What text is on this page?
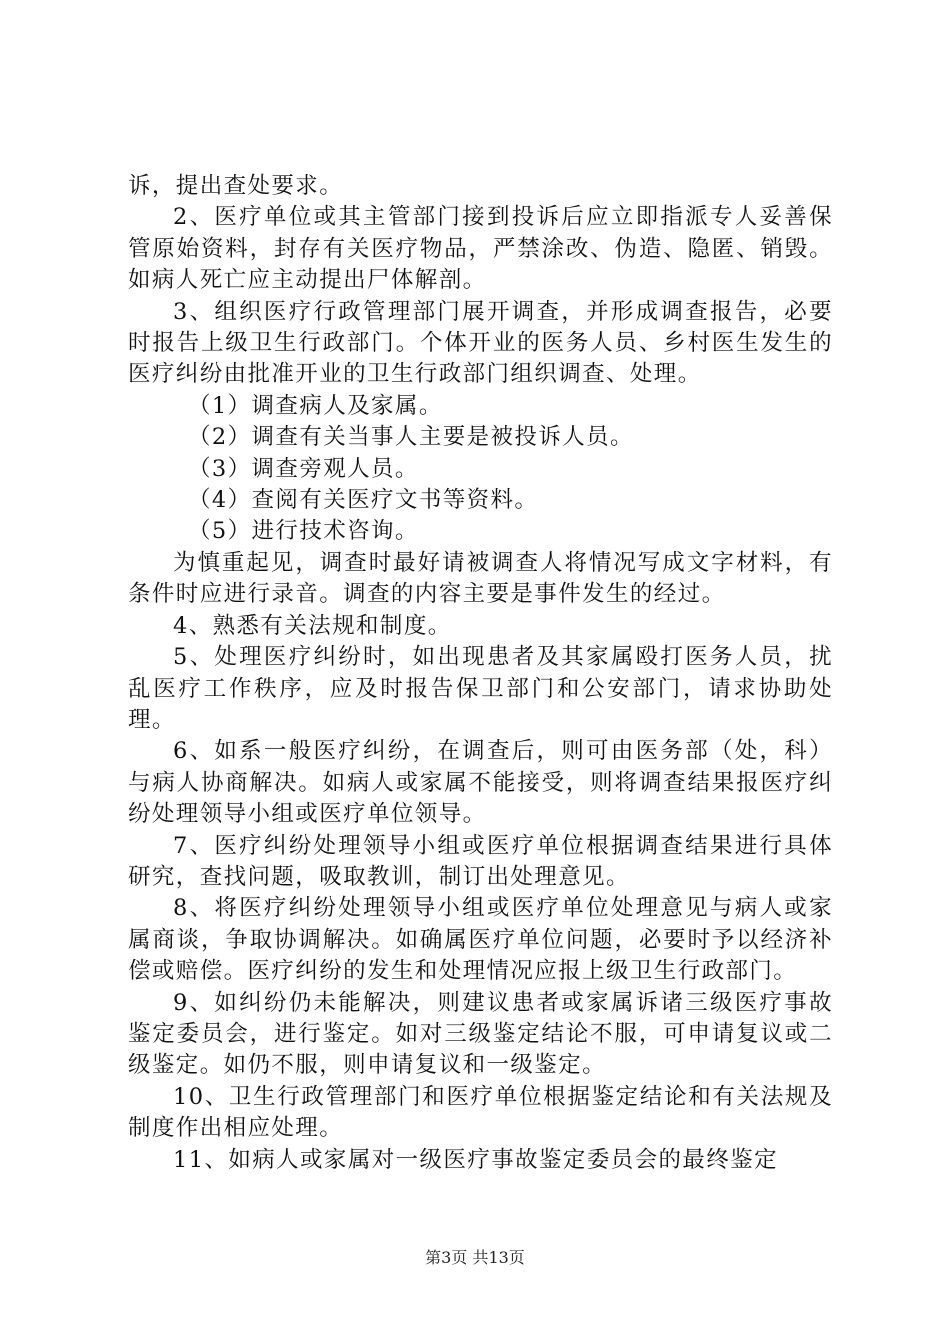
诉，提出查处要求。

2、医疗单位或其主管部门接到投诉后应立即指派专人妥善保管原始资料，封存有关医疗物品，严禁涂改、伪造、隐匿、销毁。如病人死亡应主动提出尸体解剖。

3、组织医疗行政管理部门展开调查，并形成调查报告，必要时报告上级卫生行政部门。个体开业的医务人员、乡村医生发生的医疗纠纷由批准开业的卫生行政部门组织调查、处理。

（1）调查病人及家属。

（2）调查有关当事人主要是被投诉人员。

（3）调查旁观人员。

（4）查阅有关医疗文书等资料。

（5）进行技术咨询。

为慎重起见，调查时最好请被调查人将情况写成文字材料，有条件时应进行录音。调查的内容主要是事件发生的经过。

4、熟悉有关法规和制度。

5、处理医疗纠纷时，如出现患者及其家属殴打医务人员，扰乱医疗工作秩序，应及时报告保卫部门和公安部门，请求协助处理。

6、如系一般医疗纠纷，在调查后，则可由医务部（处，科）与病人协商解决。如病人或家属不能接受，则将调查结果报医疗纠纷处理领导小组或医疗单位领导。

7、医疗纠纷处理领导小组或医疗单位根据调查结果进行具体研究，查找问题，吸取教训，制订出处理意见。

8、将医疗纠纷处理领导小组或医疗单位处理意见与病人或家属商谈，争取协调解决。如确属医疗单位问题，必要时予以经济补偿或赔偿。医疗纠纷的发生和处理情况应报上级卫生行政部门。

9、如纠纷仍未能解决，则建议患者或家属诉诸三级医疗事故鉴定委员会，进行鉴定。如对三级鉴定结论不服，可申请复议或二级鉴定。如仍不服，则申请复议和一级鉴定。

10、卫生行政管理部门和医疗单位根据鉴定结论和有关法规及制度作出相应处理。

11、如病人或家属对一级医疗事故鉴定委员会的最终鉴定

第3页 共13页
